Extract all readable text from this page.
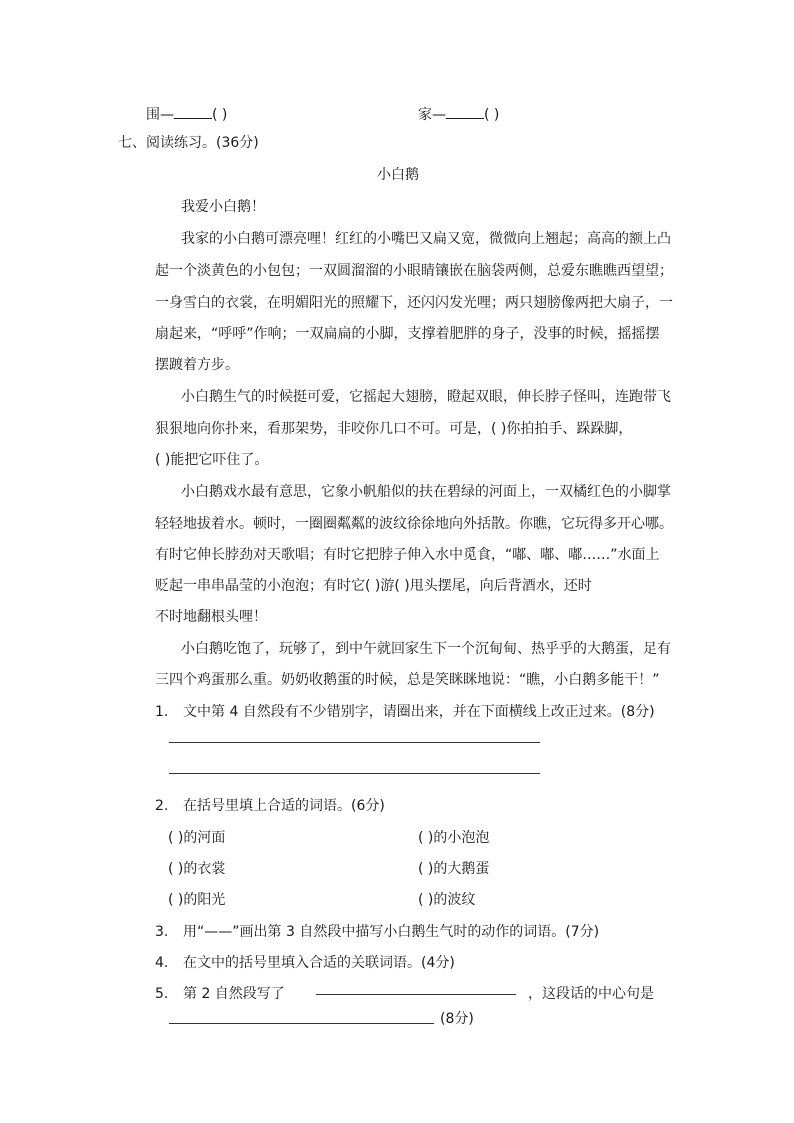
围—	( )	家—	( )
七、阅读练习。(36分)
小白鹅
我爱小白鹅！
我家的小白鹅可漂亮哩！红红的小嘴巴又扁又宽，微微向上翘起；高高的额上凸
起一个淡黄色的小包包；一双圆溜溜的小眼睛镶嵌在脑袋两侧，总爱东瞧瞧西望望；
一身雪白的衣裳，在明媚阳光的照耀下，还闪闪发光哩；两只翅膀像两把大扇子，一
扇起来，“呼呼”作响；一双扁扁的小脚，支撑着肥胖的身子，没事的时候，摇摇摆
摆踱着方步。
小白鹅生气的时候挺可爱，它摇起大翅膀，瞪起双眼，伸长脖子怪叫，连跑带飞
狠狠地向你扑来，看那架势，非咬你几口不可。可是，( )你拍拍手、跺跺脚，
( )能把它吓住了。
小白鹅戏水最有意思，它象小帆船似的扶在碧绿的河面上，一双橘红色的小脚掌
轻轻地拔着水。顿时，一圈圈粼粼的波纹徐徐地向外括散。你瞧，它玩得多开心哪。
有时它伸长脖劲对天歌唱；有时它把脖子伸入水中觅食，“嘟、嘟、嘟……”水面上
贬起一串串晶莹的小泡泡；有时它( )游( )甩头摆尾，向后背酒水，还时
不时地翻根头哩！
小白鹅吃饱了，玩够了，到中午就回家生下一个沉甸甸、热乎乎的大鹅蛋，足有
三四个鸡蛋那么重。奶奶收鹅蛋的时候，总是笑眯眯地说：“瞧，小白鹅多能干！”
1. 文中第 4 自然段有不少错别字，请圈出来，并在下面横线上改正过来。(8分)
2. 在括号里填上合适的词语。(6分)
( )的河面	( )的小泡泡
( )的衣裳	( )的大鹅蛋
( )的阳光	( )的波纹
3. 用“——”画出第 3 自然段中描写小白鹅生气时的动作的词语。(7分)
4. 在文中的括号里填入合适的关联词语。(4分)
5. 第 2 自然段写了	，这段话的中心句是
(8分)
